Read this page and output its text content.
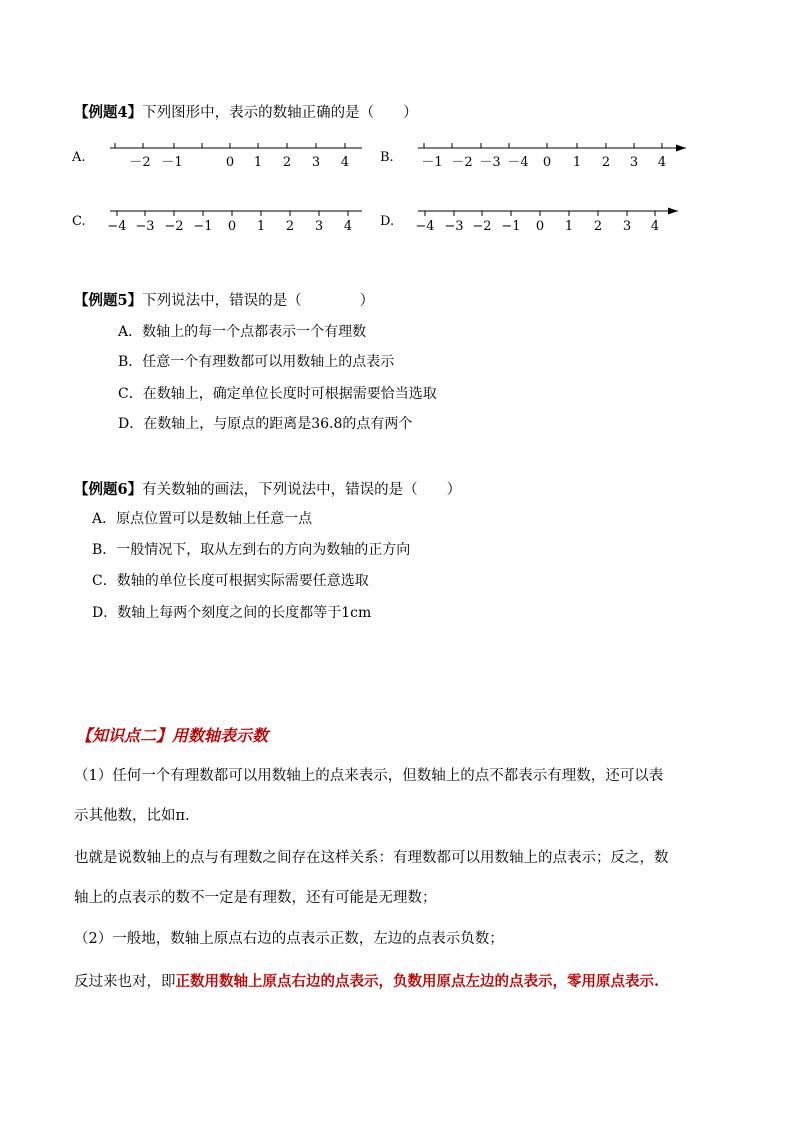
【例题4】下列图形中，表示的数轴正确的是（　　）
A.	－2 －1	0 1 2 3 4 B. －1 －2 －3 －4 0 1 2 3 4
C. −4 −3 −2 −1 0 1 2 3 4 D. −4 −3 −2 −1 0 1 2 3 4
【例题5】下列说法中，错误的是（　　　　）
A．数轴上的每一个点都表示一个有理数
B．任意一个有理数都可以用数轴上的点表示
C．在数轴上，确定单位长度时可根据需要恰当选取
D．在数轴上，与原点的距离是36.8的点有两个
【例题6】有关数轴的画法，下列说法中，错误的是（　　）
A．原点位置可以是数轴上任意一点
B．一般情况下，取从左到右的方向为数轴的正方向
C．数轴的单位长度可根据实际需要任意选取
D．数轴上每两个刻度之间的长度都等于1cm
【知识点二】用数轴表示数
（1）任何一个有理数都可以用数轴上的点来表示，但数轴上的点不都表示有理数，还可以表
示其他数，比如π.
也就是说数轴上的点与有理数之间存在这样关系：有理数都可以用数轴上的点表示；反之，数
轴上的点表示的数不一定是有理数，还有可能是无理数；
（2）一般地，数轴上原点右边的点表示正数，左边的点表示负数；
反过来也对，即正数用数轴上原点右边的点表示，负数用原点左边的点表示，零用原点表示.
